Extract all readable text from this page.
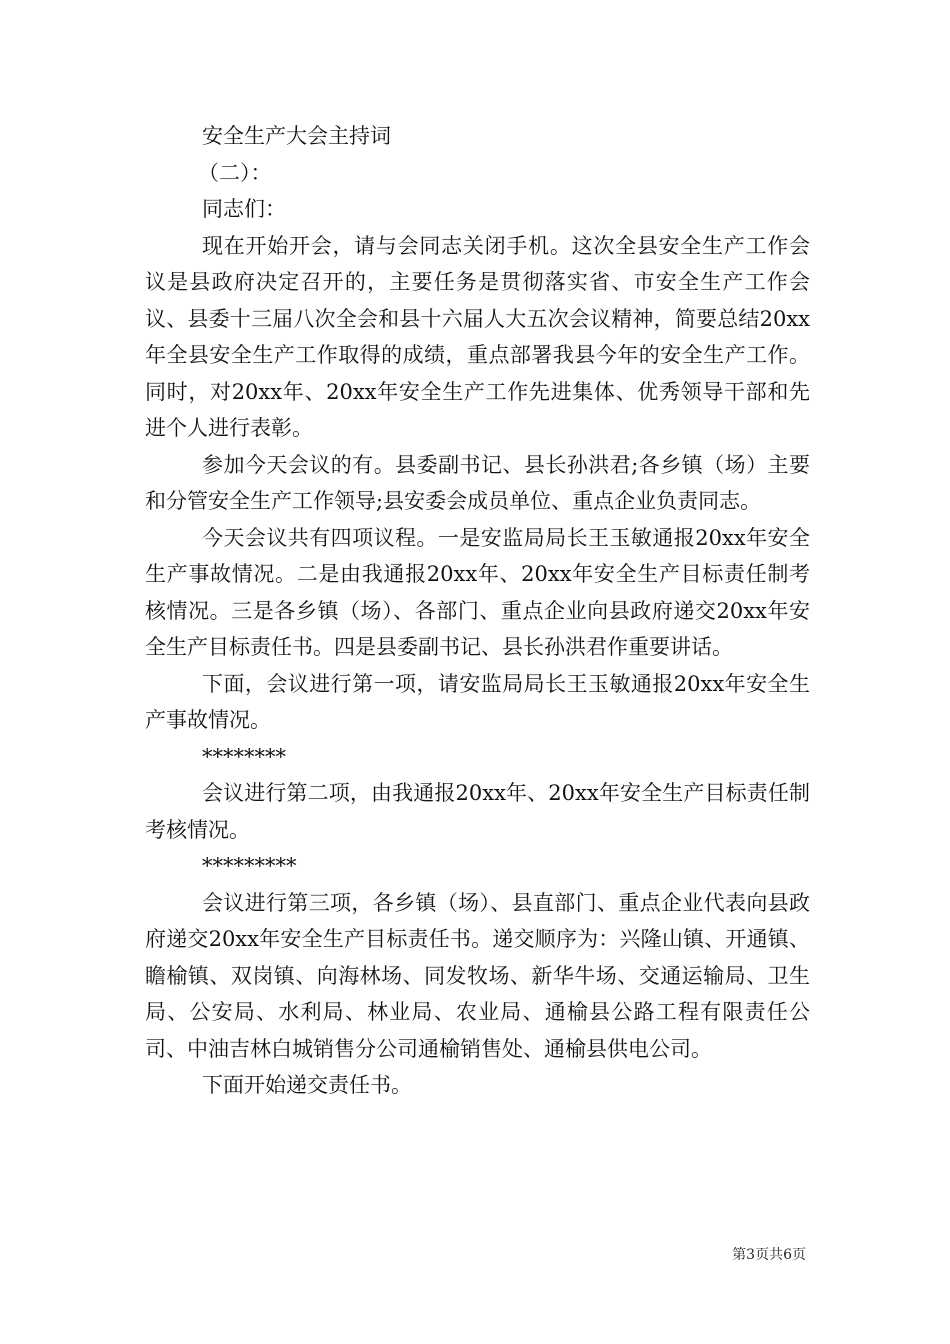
安全生产大会主持词

（二）：

同志们：

现在开始开会，请与会同志关闭手机。这次全县安全生产工作会议是县政府决定召开的，主要任务是贯彻落实省、市安全生产工作会议、县委十三届八次全会和县十六届人大五次会议精神，简要总结20xx年全县安全生产工作取得的成绩，重点部署我县今年的安全生产工作。同时，对20xx年、20xx年安全生产工作先进集体、优秀领导干部和先进个人进行表彰。

参加今天会议的有。县委副书记、县长孙洪君;各乡镇（场）主要和分管安全生产工作领导;县安委会成员单位、重点企业负责同志。

今天会议共有四项议程。一是安监局局长王玉敏通报20xx年安全生产事故情况。二是由我通报20xx年、20xx年安全生产目标责任制考核情况。三是各乡镇（场）、各部门、重点企业向县政府递交20xx年安全生产目标责任书。四是县委副书记、县长孙洪君作重要讲话。

下面，会议进行第一项，请安监局局长王玉敏通报20xx年安全生产事故情况。

********

会议进行第二项，由我通报20xx年、20xx年安全生产目标责任制考核情况。

*********

会议进行第三项，各乡镇（场）、县直部门、重点企业代表向县政府递交20xx年安全生产目标责任书。递交顺序为：兴隆山镇、开通镇、瞻榆镇、双岗镇、向海林场、同发牧场、新华牛场、交通运输局、卫生局、公安局、水利局、林业局、农业局、通榆县公路工程有限责任公司、中油吉林白城销售分公司通榆销售处、通榆县供电公司。

下面开始递交责任书。

第3页共6页
